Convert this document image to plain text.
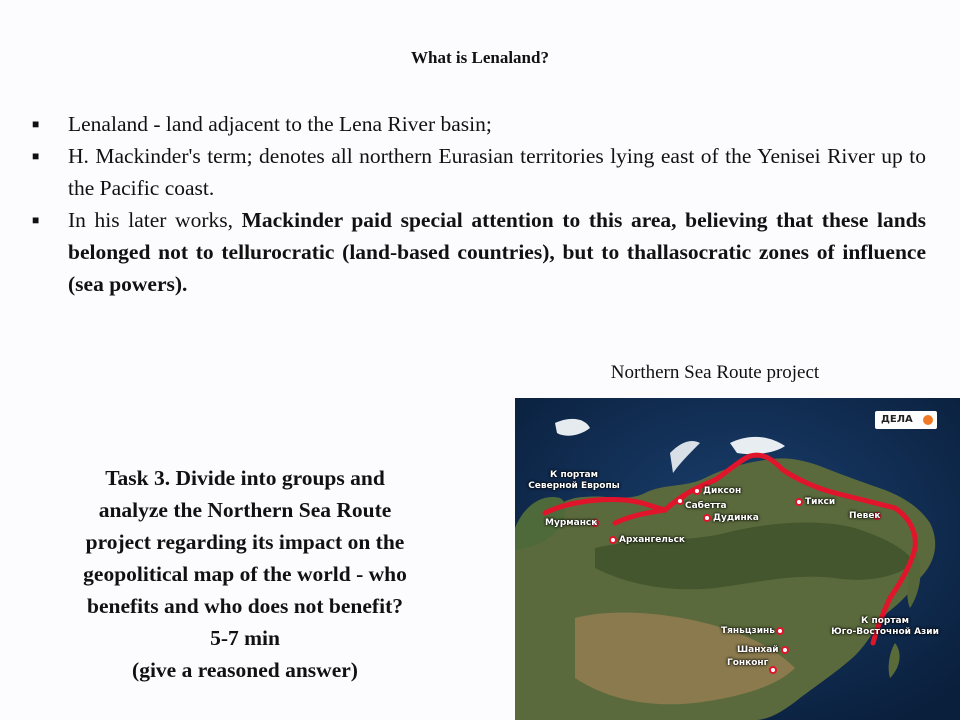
What is Lenaland?
■ Lenaland - land adjacent to the Lena River basin;
■ H. Mackinder's term; denotes all northern Eurasian territories lying east of the Yenisei River up to the Pacific coast.
■ In his later works, Mackinder paid special attention to this area, believing that these lands belonged not to tellurocratic (land-based countries), but to thallasocratic zones of influence (sea powers).
Northern Sea Route project
Task 3. Divide into groups and
analyze the Northern Sea Route
project regarding its impact on the
geopolitical map of the world - who
benefits and who does not benefit?
5-7 min
(give a reasoned answer)
ДЕЛА
К портам
Северной Европы
Мурманск
Архангельск
Диксон
Сабетта
Дудинка
Тикси
Певек
К портам
Юго-Восточной Азии
Тяньцзинь
Шанхай
Гонконг
